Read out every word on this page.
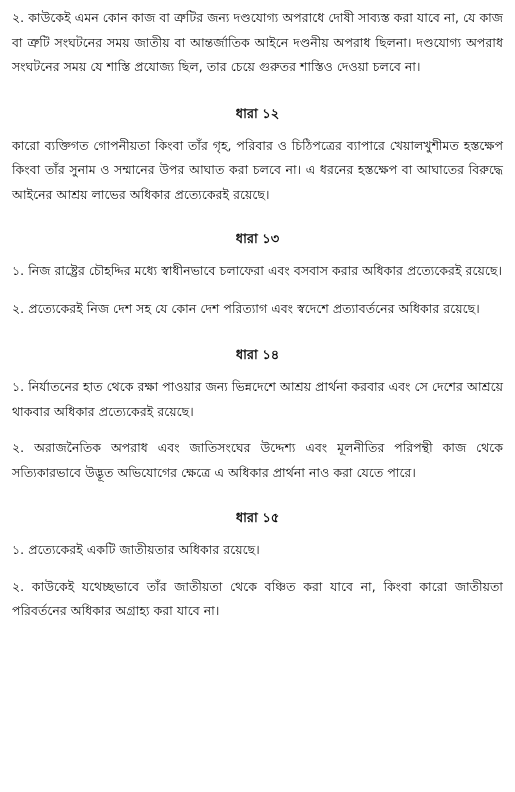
২. কাউকেই এমন কোন কাজ বা ত্রুটির জন্য দণ্ডযোগ্য অপরাধে দোষী সাব্যস্ত করা যাবে না, যে কাজ বা ত্রুটি সংঘটনের সময় জাতীয় বা আন্তর্জাতিক আইনে দণ্ডনীয় অপরাধ ছিলনা। দণ্ডযোগ্য অপরাধ সংঘটনের সময় যে শাস্তি প্রযোজ্য ছিল, তার চেয়ে গুরুতর শাস্তিও দেওয়া চলবে না।

ধারা ১২

কারো ব্যক্তিগত গোপনীয়তা কিংবা তাঁর গৃহ, পরিবার ও চিঠিপত্রের ব্যাপারে খেয়ালখুশীমত হস্তক্ষেপ কিংবা তাঁর সুনাম ও সম্মানের উপর আঘাত করা চলবে না। এ ধরনের হস্তক্ষেপ বা আঘাতের বিরুদ্ধে আইনের আশ্রয় লাভের অধিকার প্রত্যেকেরই রয়েছে।

ধারা ১৩

১. নিজ রাষ্ট্রের চৌহদ্দির মধ্যে স্বাধীনভাবে চলাফেরা এবং বসবাস করার অধিকার প্রত্যেকেরই রয়েছে।

২. প্রত্যেকেরই নিজ দেশ সহ যে কোন দেশ পরিত্যাগ এবং স্বদেশে প্রত্যাবর্তনের অধিকার রয়েছে।

ধারা ১৪

১. নির্যাতনের হাত থেকে রক্ষা পাওয়ার জন্য ভিন্নদেশে আশ্রয় প্রার্থনা করবার এবং সে দেশের আশ্রয়ে থাকবার অধিকার প্রত্যেকেরই রয়েছে।

২. অরাজনৈতিক অপরাধ এবং জাতিসংঘের উদ্দেশ্য এবং মূলনীতির পরিপন্থী কাজ থেকে সত্যিকারভাবে উদ্ভূত অভিযোগের ক্ষেত্রে এ অধিকার প্রার্থনা নাও করা যেতে পারে।

ধারা ১৫

১. প্রত্যেকেরই একটি জাতীয়তার অধিকার রয়েছে।

২. কাউকেই যথেচ্ছভাবে তাঁর জাতীয়তা থেকে বঞ্চিত করা যাবে না, কিংবা কারো জাতীয়তা পরিবর্তনের অধিকার অগ্রাহ্য করা যাবে না।
